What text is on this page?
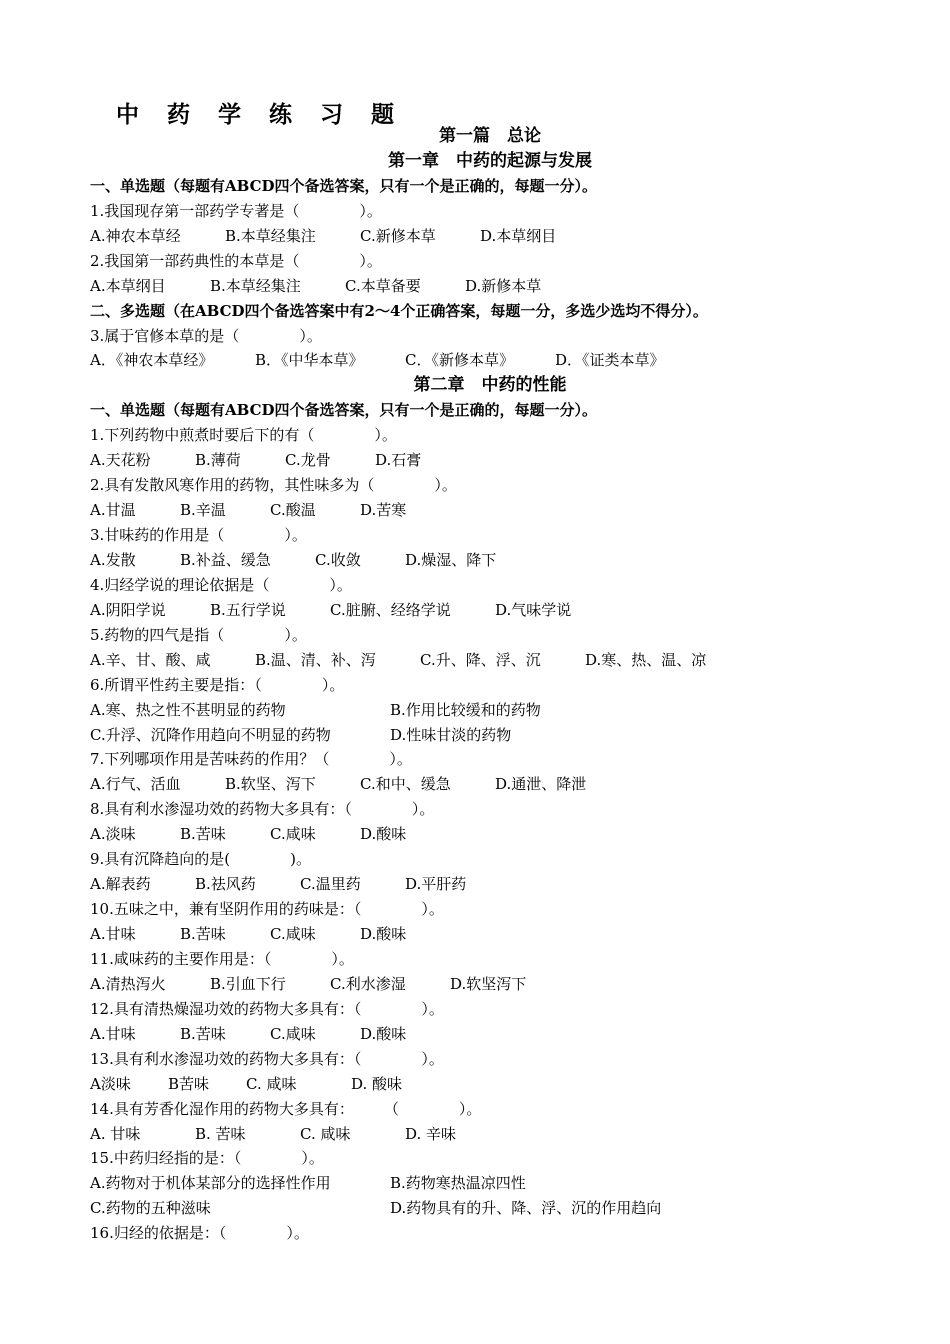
中 药 学 练 习 题
第一篇　总论
第一章　中药的起源与发展
一、单选题（每题有ABCD四个备选答案，只有一个是正确的，每题一分）。
1.我国现存第一部药学专著是（　　　　）。
A.神农本草经	B.本草经集注	C.新修本草	D.本草纲目
2.我国第一部药典性的本草是（　　　　）。
A.本草纲目	B.本草经集注	C.本草备要	D.新修本草
二、多选题（在ABCD四个备选答案中有2～4个正确答案，每题一分，多选少选均不得分）。
3.属于官修本草的是（　　　　）。
A．《神农本草经》	B．《中华本草》	C．《新修本草》	D．《证类本草》
第二章　中药的性能
一、单选题（每题有ABCD四个备选答案，只有一个是正确的，每题一分）。
1.下列药物中煎煮时要后下的有（　　　　）。
A.天花粉	B.薄荷	C.龙骨	D.石膏
2.具有发散风寒作用的药物，其性味多为（　　　　）。
A.甘温	B.辛温	C.酸温	D.苦寒
3.甘味药的作用是（　　　　）。
A.发散	B.补益、缓急	C.收敛	D.燥湿、降下
4.归经学说的理论依据是（　　　　）。
A.阴阳学说	B.五行学说	C.脏腑、经络学说	D.气味学说
5.药物的四气是指（　　　　）。
A.辛、甘、酸、咸	B.温、清、补、泻	C.升、降、浮、沉	D.寒、热、温、凉
6.所谓平性药主要是指：（　　　　）。
A.寒、热之性不甚明显的药物	B.作用比较缓和的药物
C.升浮、沉降作用趋向不明显的药物	D.性味甘淡的药物
7.下列哪项作用是苦味药的作用？（　　　　）。
A.行气、活血	B.软坚、泻下	C.和中、缓急	D.通泄、降泄
8.具有利水渗湿功效的药物大多具有：（　　　　）。
A.淡味	B.苦味	C.咸味	D.酸味
9.具有沉降趋向的是(　　　　)。
A.解表药	B.祛风药	C.温里药	D.平肝药
10.五味之中，兼有坚阴作用的药味是：（　　　　）。
A.甘味	B.苦味	C.咸味	D.酸味
11.咸味药的主要作用是：（　　　　）。
A.清热泻火	B.引血下行	C.利水渗湿	D.软坚泻下
12.具有清热燥湿功效的药物大多具有：（　　　　）。
A.甘味	B.苦味	C.咸味	D.酸味
13.具有利水渗湿功效的药物大多具有：（　　　　）。
A淡味 B苦味 C. 咸味	D. 酸味
14.具有芳香化湿作用的药物大多具有：　　　（　　　　）。
A. 甘味	B. 苦味	C. 咸味	D. 辛味
15.中药归经指的是：（　　　　）。
A.药物对于机体某部分的选择性作用	B.药物寒热温凉四性
C.药物的五种滋味	D.药物具有的升、降、浮、沉的作用趋向
16.归经的依据是：（　　　　）。
